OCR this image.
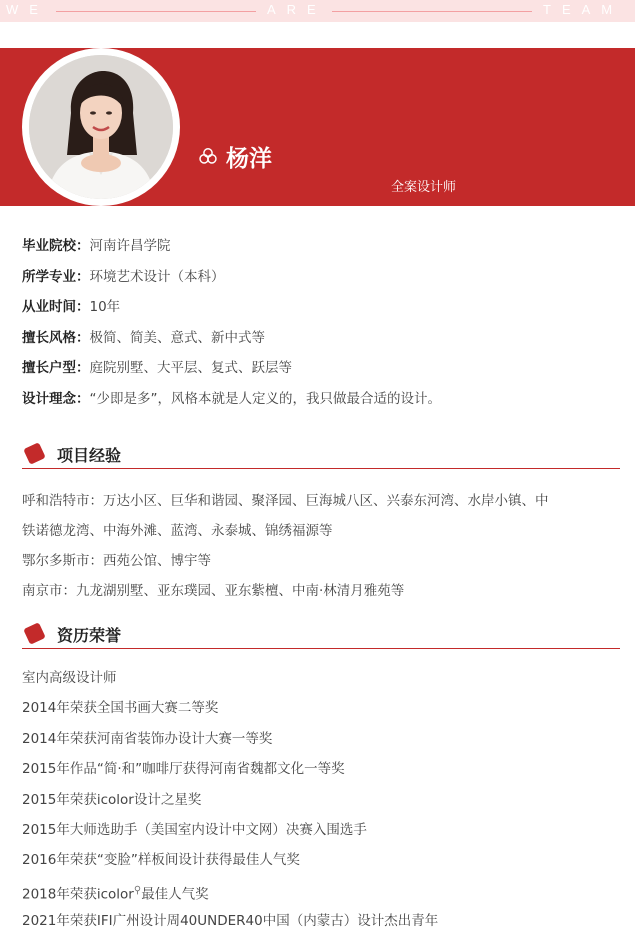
WE	ARE	TEAM
杨洋
全案设计师
毕业院校：河南许昌学院
所学专业：环境艺术设计（本科）
从业时间：10年
擅长风格：极简、简美、意式、新中式等
擅长户型：庭院别墅、大平层、复式、跃层等
设计理念：“少即是多”，风格本就是人定义的，我只做最合适的设计。
项目经验
呼和浩特市：万达小区、巨华和谐园、聚泽园、巨海城八区、兴泰东河湾、水岸小镇、中
铁诺德龙湾、中海外滩、蓝湾、永泰城、锦绣福源等
鄂尔多斯市：西苑公馆、博宇等
南京市：九龙湖别墅、亚东璞园、亚东紫檀、中南·林清月雅苑等
资历荣誉
室内高级设计师
2014年荣获全国书画大赛二等奖
2014年荣获河南省装饰办设计大赛一等奖
2015年作品“简·和”咖啡厅获得河南省魏都文化一等奖
2015年荣获icolor设计之星奖
2015年大师选助手（美国室内设计中文网）决赛入围选手
2016年荣获“变脸”样板间设计获得最佳人气奖
2018年荣获icolor⚲最佳人气奖
2021年荣获IFI广州设计周40UNDER40中国（内蒙古）设计杰出青年
